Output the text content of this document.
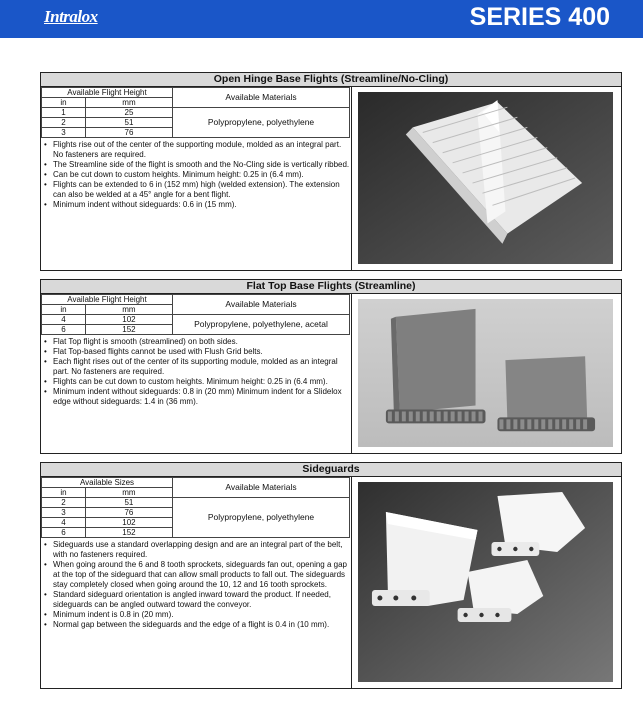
Intralox	SERIES 400
Open Hinge Base Flights (Streamline/No-Cling)
Available Flight Height		Available Materials
in	mm	
1	25	Polypropylene, polyethylene
2	51	
3	76	
• Flights rise out of the center of the supporting module, molded as an integral part. No fasteners are required.
• The Streamline side of the flight is smooth and the No-Cling side is vertically ribbed.
• Can be cut down to custom heights. Minimum height: 0.25 in (6.4 mm).
• Flights can be extended to 6 in (152 mm) high (welded extension). The extension can also be welded at a 45° angle for a bent flight.
• Minimum indent without sideguards: 0.6 in (15 mm).
Flat Top Base Flights (Streamline)
Available Flight Height		Available Materials
in	mm	
4	102	Polypropylene, polyethylene, acetal
6	152	
• Flat Top flight is smooth (streamlined) on both sides.
• Flat Top-based flights cannot be used with Flush Grid belts.
• Each flight rises out of the center of its supporting module, molded as an integral part. No fasteners are required.
• Flights can be cut down to custom heights. Minimum height: 0.25 in (6.4 mm).
• Minimum indent without sideguards: 0.8 in (20 mm) Minimum indent for a Slidelox edge without sideguards: 1.4 in (36 mm).
Sideguards
Available Sizes		Available Materials
in	mm	
2	51	Polypropylene, polyethylene
3	76	
4	102	
6	152	
• Sideguards use a standard overlapping design and are an integral part of the belt, with no fasteners required.
• When going around the 6 and 8 tooth sprockets, sideguards fan out, opening a gap at the top of the sideguard that can allow small products to fall out. The sideguards stay completely closed when going around the 10, 12 and 16 tooth sprockets.
• Standard sideguard orientation is angled inward toward the product. If needed, sideguards can be angled outward toward the conveyor.
• Minimum indent is 0.8 in (20 mm).
• Normal gap between the sideguards and the edge of a flight is 0.4 in (10 mm).
